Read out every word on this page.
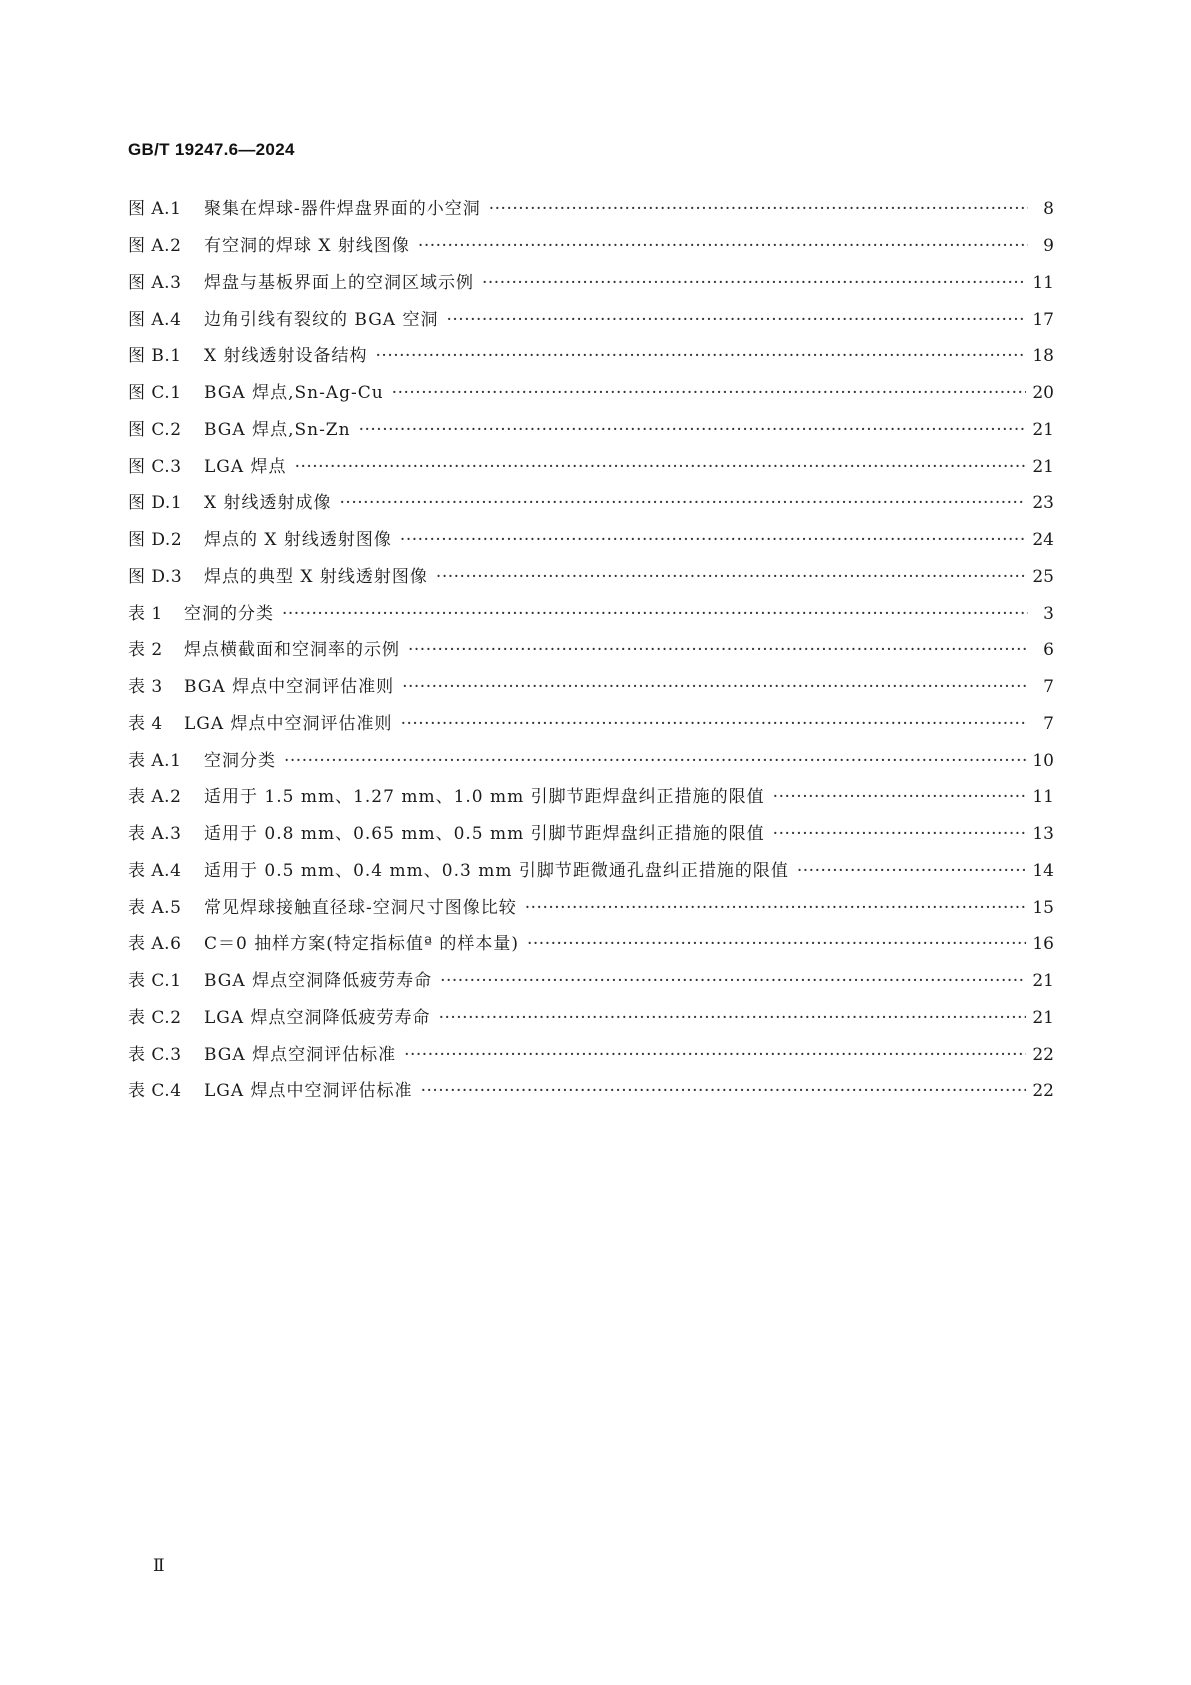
GB/T 19247.6—2024
图 A.1	聚集在焊球-器件焊盘界面的小空洞 ·····	8
图 A.2	有空洞的焊球 X 射线图像 ·····	9
图 A.3	焊盘与基板界面上的空洞区域示例 ·····	11
图 A.4	边角引线有裂纹的 BGA 空洞 ·····	17
图 B.1	X 射线透射设备结构 ·····	18
图 C.1	BGA 焊点,Sn-Ag-Cu ·····	20
图 C.2	BGA 焊点,Sn-Zn ·····	21
图 C.3	LGA 焊点 ·····	21
图 D.1	X 射线透射成像 ·····	23
图 D.2	焊点的 X 射线透射图像 ·····	24
图 D.3	焊点的典型 X 射线透射图像 ·····	25
表 1	空洞的分类 ·····	3
表 2	焊点横截面和空洞率的示例 ·····	6
表 3	BGA 焊点中空洞评估准则 ·····	7
表 4	LGA 焊点中空洞评估准则 ·····	7
表 A.1	空洞分类 ·····	10
表 A.2	适用于 1.5 mm、1.27 mm、1.0 mm 引脚节距焊盘纠正措施的限值 ·····	11
表 A.3	适用于 0.8 mm、0.65 mm、0.5 mm 引脚节距焊盘纠正措施的限值 ·····	13
表 A.4	适用于 0.5 mm、0.4 mm、0.3 mm 引脚节距微通孔盘纠正措施的限值 ·····	14
表 A.5	常见焊球接触直径球-空洞尺寸图像比较 ·····	15
表 A.6	C＝0 抽样方案(特定指标值ª 的样本量) ·····	16
表 C.1	BGA 焊点空洞降低疲劳寿命 ·····	21
表 C.2	LGA 焊点空洞降低疲劳寿命 ·····	21
表 C.3	BGA 焊点空洞评估标准 ·····	22
表 C.4	LGA 焊点中空洞评估标准 ·····	22
Ⅱ
